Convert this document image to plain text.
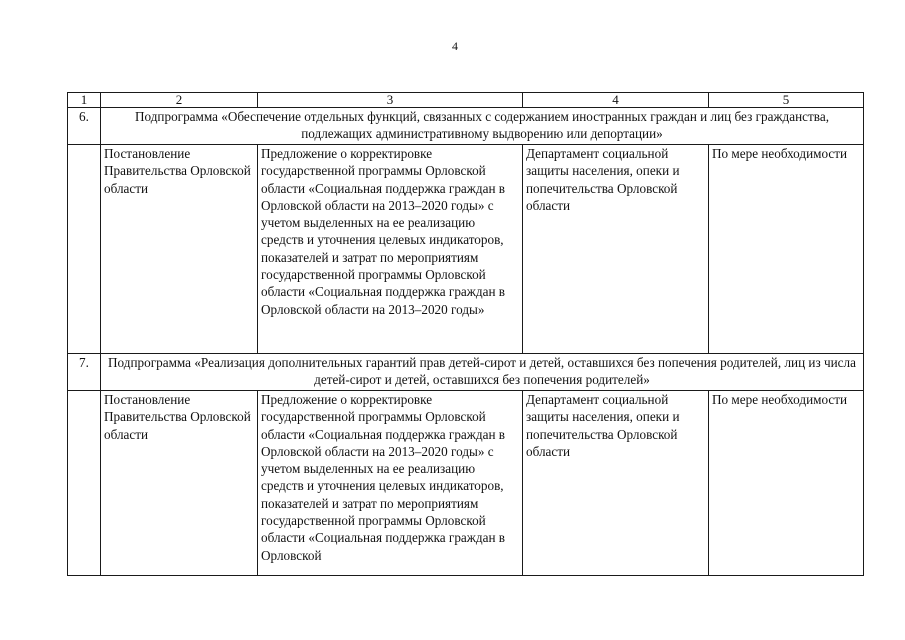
4
1	2	3	4	5
6.	Подпрограмма «Обеспечение отдельных функций, связанных с содержанием иностранных граждан и лиц без гражданства, подлежащих административному выдворению или депортации»			
	Постановление Правительства Орловской области	Предложение о корректировке государственной программы Орловской области «Социальная поддержка граждан в Орловской области на 2013–2020 годы» с учетом выделенных на ее реализацию средств и уточнения целевых индикаторов, показателей и затрат по мероприятиям государственной программы Орловской области «Социальная поддержка граждан в Орловской области на 2013–2020 годы»	Департамент социальной защиты населения, опеки и попечительства Орловской области	По мере необходимости
7.	Подпрограмма «Реализация дополнительных гарантий прав детей-сирот и детей, оставшихся без попечения родителей, лиц из числа детей-сирот и детей, оставшихся без попечения родителей»			
	Постановление Правительства Орловской области	Предложение о корректировке государственной программы Орловской области «Социальная поддержка граждан в Орловской области на 2013–2020 годы» с учетом выделенных на ее реализацию средств и уточнения целевых индикаторов, показателей и затрат по мероприятиям государственной программы Орловской области «Социальная поддержка граждан в Орловской	Департамент социальной защиты населения, опеки и попечительства Орловской области	По мере необходимости
